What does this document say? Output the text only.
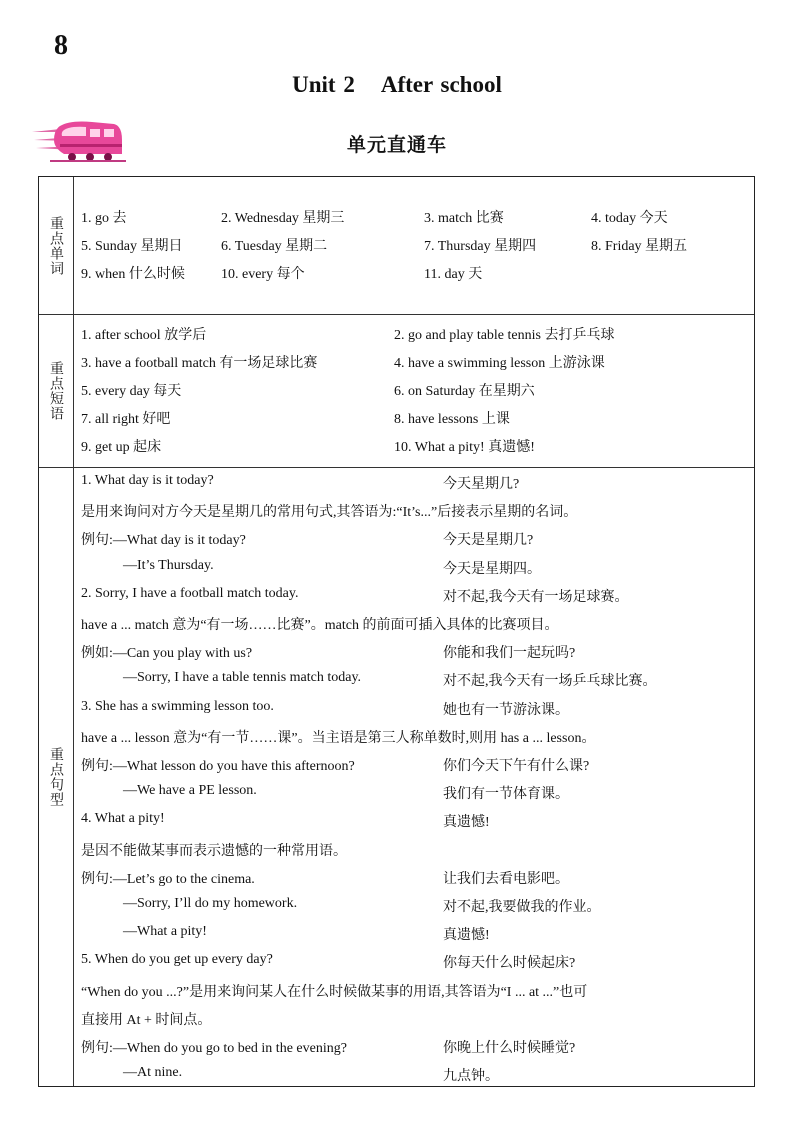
8
Unit 2 After school
单元直通车
重点单词 1. go 去	2. Wednesday 星期三	3. match 比赛	4. today 今天
5. Sunday 星期日	6. Tuesday 星期二	7. Thursday 星期四	8. Friday 星期五
9. when 什么时候	10. every 每个	11. day 天
重点短语
1. after school 放学后	2. go and play table tennis 去打乒乓球
3. have a football match 有一场足球比赛	4. have a swimming lesson 上游泳课
5. every day 每天	6. on Saturday 在星期六
7. all right 好吧	8. have lessons 上课
9. get up 起床	10. What a pity! 真遗憾!
重点句型
1. What day is it today?	今天星期几?
是用来询问对方今天是星期几的常用句式,其答语为:“It’s...”后接表示星期的名词。
例句:—What day is it today?	今天是星期几?
—It’s Thursday.	今天是星期四。
2. Sorry, I have a football match today.	对不起,我今天有一场足球赛。
have a ... match 意为“有一场……比赛”。match 的前面可插入具体的比赛项目。
例如:—Can you play with us?	你能和我们一起玩吗?
—Sorry, I have a table tennis match today.	对不起,我今天有一场乒乓球比赛。
3. She has a swimming lesson too.	她也有一节游泳课。
have a ... lesson 意为“有一节……课”。当主语是第三人称单数时,则用 has a ... lesson。
例句:—What lesson do you have this afternoon?	你们今天下午有什么课?
—We have a PE lesson.	我们有一节体育课。
4. What a pity!	真遗憾!
是因不能做某事而表示遗憾的一种常用语。
例句:—Let’s go to the cinema.	让我们去看电影吧。
—Sorry, I’ll do my homework.	对不起,我要做我的作业。
—What a pity!	真遗憾!
5. When do you get up every day?	你每天什么时候起床?
“When do you ...?”是用来询问某人在什么时候做某事的用语,其答语为“I ... at ...”也可
直接用 At + 时间点。
例句:—When do you go to bed in the evening?	你晚上什么时候睡觉?
—At nine.	九点钟。
